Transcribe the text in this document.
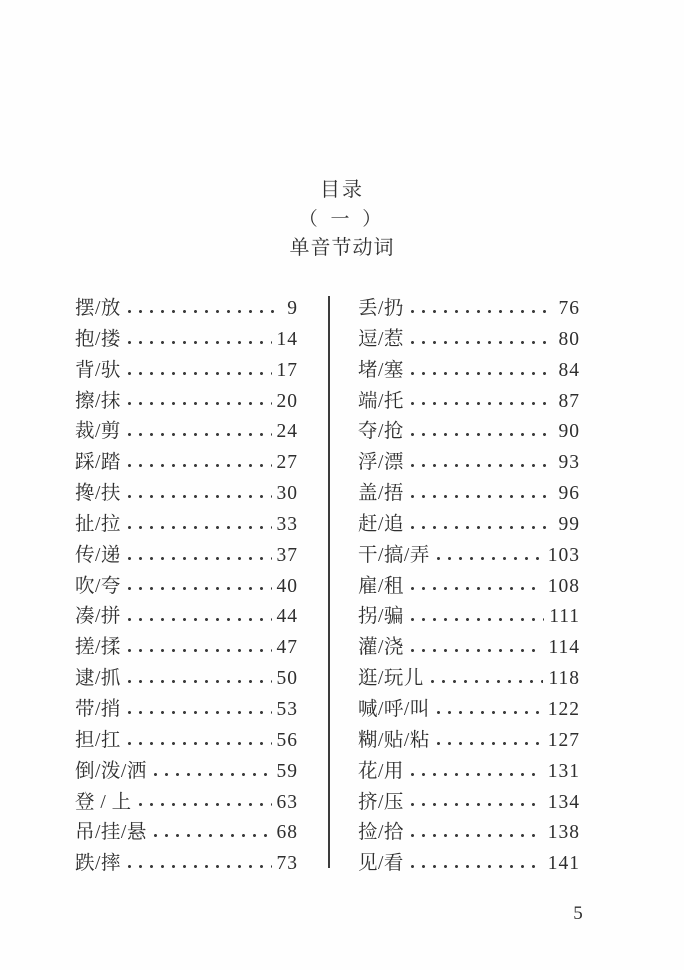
目录
（ 一 ）
单音节动词
摆/放	9
抱/搂	14
背/驮	17
擦/抹	20
裁/剪	24
踩/踏	27
搀/扶	30
扯/拉	33
传/递	37
吹/夸	40
凑/拼	44
搓/揉	47
逮/抓	50
带/捎	53
担/扛	56
倒/泼/洒	59
登 / 上	63
吊/挂/悬	68
跌/摔	73
丢/扔	76
逗/惹	80
堵/塞	84
端/托	87
夺/抢	90
浮/漂	93
盖/捂	96
赶/追	99
干/搞/弄	103
雇/租	108
拐/骗	111
灌/浇	114
逛/玩儿	118
喊/呼/叫	122
糊/贴/粘	127
花/用	131
挤/压	134
捡/拾	138
见/看	141
5
